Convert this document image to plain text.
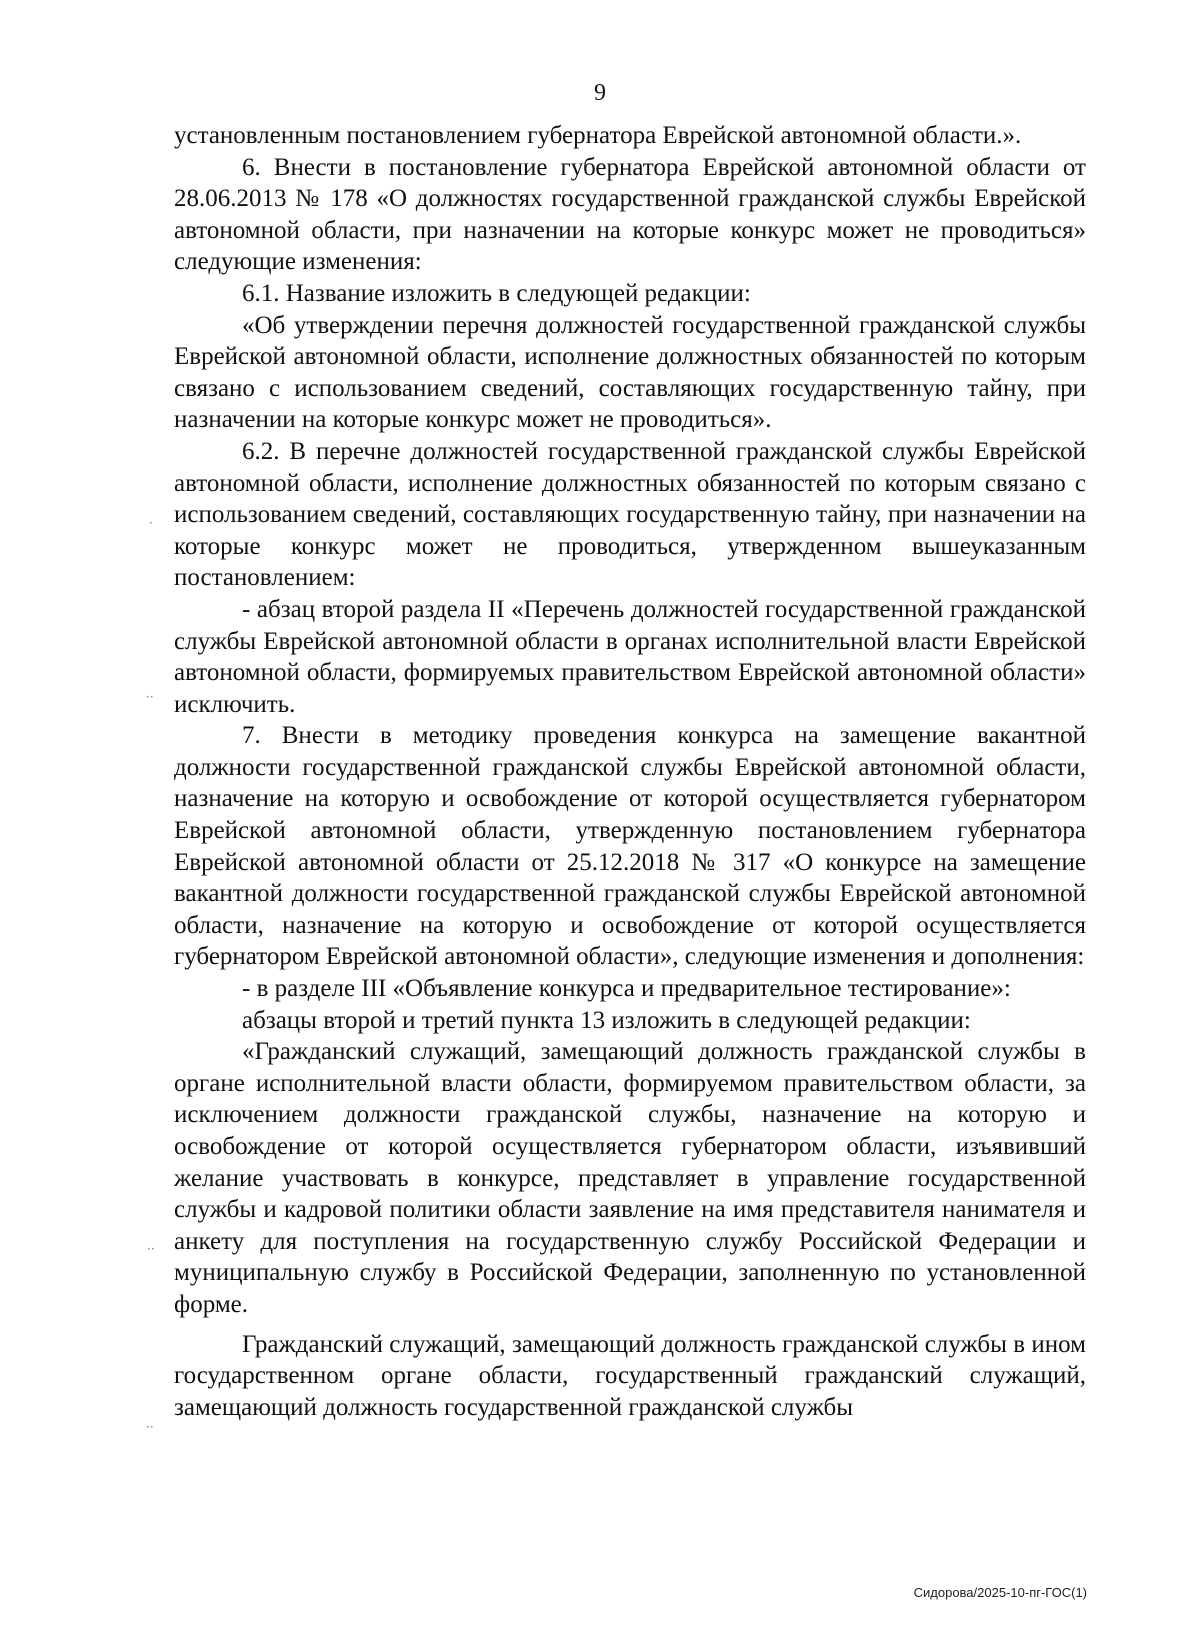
9

установленным постановлением губернатора Еврейской автономной области.».

6. Внести в постановление губернатора Еврейской автономной области от 28.06.2013 № 178 «О должностях государственной гражданской службы Еврейской автономной области, при назначении на которые конкурс может не проводиться» следующие изменения:

6.1. Название изложить в следующей редакции:

«Об утверждении перечня должностей государственной гражданской службы Еврейской автономной области, исполнение должностных обязанностей по которым связано с использованием сведений, составляющих государственную тайну, при назначении на которые конкурс может не проводиться».

6.2. В перечне должностей государственной гражданской службы Еврейской автономной области, исполнение должностных обязанностей по которым связано с использованием сведений, составляющих государственную тайну, при назначении на которые конкурс может не проводиться, утвержденном вышеуказанным постановлением:

- абзац второй раздела II «Перечень должностей государственной гражданской службы Еврейской автономной области в органах исполнительной власти Еврейской автономной области, формируемых правительством Еврейской автономной области» исключить.

7. Внести в методику проведения конкурса на замещение вакантной должности государственной гражданской службы Еврейской автономной области, назначение на которую и освобождение от которой осуществляется губернатором Еврейской автономной области, утвержденную постановлением губернатора Еврейской автономной области от 25.12.2018 № 317 «О конкурсе на замещение вакантной должности государственной гражданской службы Еврейской автономной области, назначение на которую и освобождение от которой осуществляется губернатором Еврейской автономной области», следующие изменения и дополнения:

- в разделе III «Объявление конкурса и предварительное тестирование»:

абзацы второй и третий пункта 13 изложить в следующей редакции:

«Гражданский служащий, замещающий должность гражданской службы в органе исполнительной власти области, формируемом правительством области, за исключением должности гражданской службы, назначение на которую и освобождение от которой осуществляется губернатором области, изъявивший желание участвовать в конкурсе, представляет в управление государственной службы и кадровой политики области заявление на имя представителя нанимателя и анкету для поступления на государственную службу Российской Федерации и муниципальную службу в Российской Федерации, заполненную по установленной форме.

Гражданский служащий, замещающий должность гражданской службы в ином государственном органе области, государственный гражданский служащий, замещающий должность государственной гражданской службы

Сидорова/2025-10-пг-ГОС(1)
·
··
··
··
